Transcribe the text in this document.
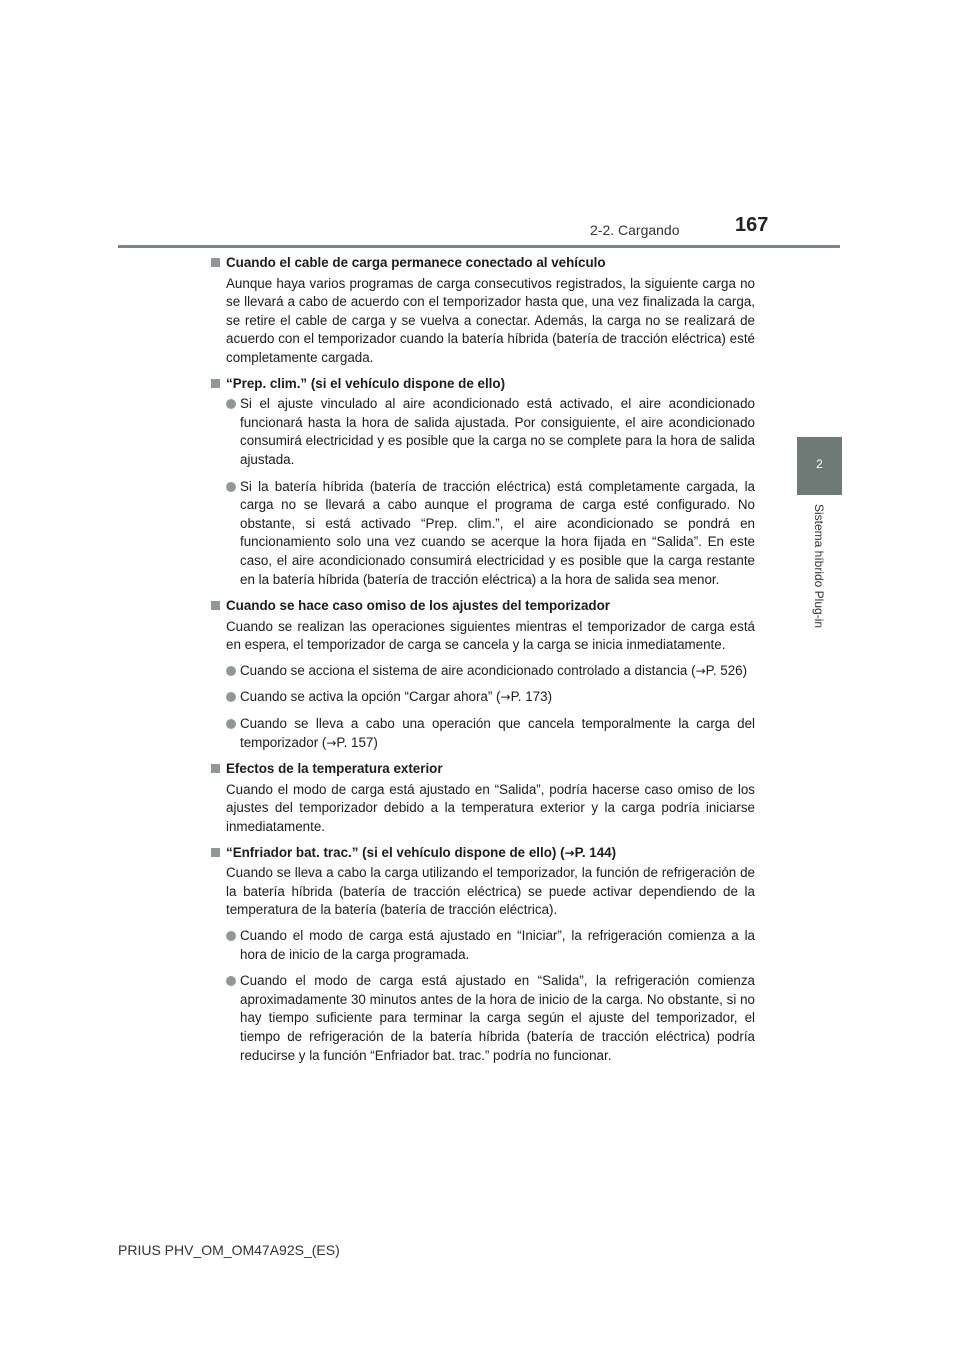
2-2. Cargando	167
2
Sistema híbrido Plug-in
Cuando el cable de carga permanece conectado al vehículo
Aunque haya varios programas de carga consecutivos registrados, la siguiente carga no se llevará a cabo de acuerdo con el temporizador hasta que, una vez finalizada la carga, se retire el cable de carga y se vuelva a conectar. Además, la carga no se realizará de acuerdo con el temporizador cuando la batería híbrida (batería de tracción eléctrica) esté completamente cargada.
“Prep. clim.” (si el vehículo dispone de ello)
Si el ajuste vinculado al aire acondicionado está activado, el aire acondicionado funcionará hasta la hora de salida ajustada. Por consiguiente, el aire acondicionado consumirá electricidad y es posible que la carga no se complete para la hora de salida ajustada.
Si la batería híbrida (batería de tracción eléctrica) está completamente cargada, la carga no se llevará a cabo aunque el programa de carga esté configurado. No obstante, si está activado “Prep. clim.”, el aire acondicionado se pondrá en funcionamiento solo una vez cuando se acerque la hora fijada en “Salida”. En este caso, el aire acondicionado consumirá electricidad y es posible que la carga restante en la batería híbrida (batería de tracción eléctrica) a la hora de salida sea menor.
Cuando se hace caso omiso de los ajustes del temporizador
Cuando se realizan las operaciones siguientes mientras el temporizador de carga está en espera, el temporizador de carga se cancela y la carga se inicia inmediatamente.
Cuando se acciona el sistema de aire acondicionado controlado a distancia (→P. 526)
Cuando se activa la opción “Cargar ahora” (→P. 173)
Cuando se lleva a cabo una operación que cancela temporalmente la carga del temporizador (→P. 157)
Efectos de la temperatura exterior
Cuando el modo de carga está ajustado en “Salida”, podría hacerse caso omiso de los ajustes del temporizador debido a la temperatura exterior y la carga podría iniciarse inmediatamente.
“Enfriador bat. trac.” (si el vehículo dispone de ello) (→P. 144)
Cuando se lleva a cabo la carga utilizando el temporizador, la función de refrigeración de la batería híbrida (batería de tracción eléctrica) se puede activar dependiendo de la temperatura de la batería (batería de tracción eléctrica).
Cuando el modo de carga está ajustado en “Iniciar”, la refrigeración comienza a la hora de inicio de la carga programada.
Cuando el modo de carga está ajustado en “Salida”, la refrigeración comienza aproximadamente 30 minutos antes de la hora de inicio de la carga. No obstante, si no hay tiempo suficiente para terminar la carga según el ajuste del temporizador, el tiempo de refrigeración de la batería híbrida (batería de tracción eléctrica) podría reducirse y la función “Enfriador bat. trac.” podría no funcionar.
PRIUS PHV_OM_OM47A92S_(ES)
